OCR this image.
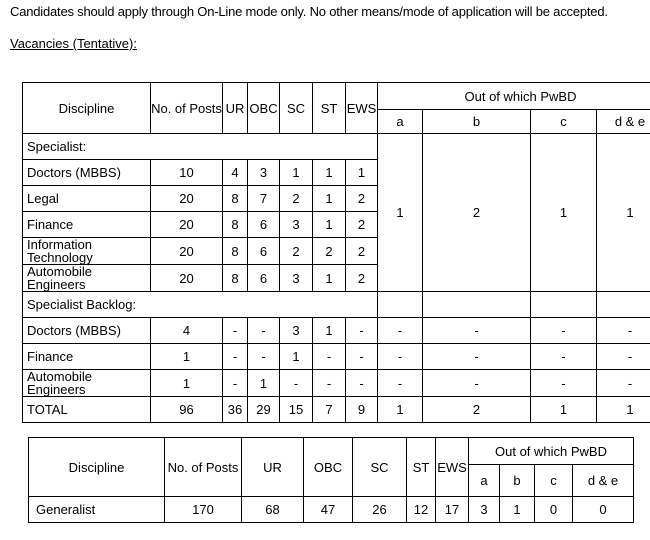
Candidates should apply through On-Line mode only. No other means/mode of application will be accepted.
Vacancies (Tentative):
Discipline	No. of Posts	UR	OBC	SC	ST	EWS	Out of which PwBD			
							a	b	c	d & e
Specialist:							1	2	1	1
Doctors (MBBS)	10	4	3	1	1	1				
Legal	20	8	7	2	1	2				
Finance	20	8	6	3	1	2				
Information Technology	20	8	6	2	2	2				
Automobile Engineers	20	8	6	3	1	2				
Specialist Backlog:										
Doctors (MBBS)	4	-	-	3	1	-	-	-	-	-
Finance	1	-	-	1	-	-	-	-	-	-
Automobile Engineers	1	-	1	-	-	-	-	-	-	-
TOTAL	96	36	29	15	7	9	1	2	1	1
Discipline	No. of Posts	UR	OBC	SC	ST	EWS	Out of which PwBD			
							a	b	c	d & e
Generalist	170	68	47	26	12	17	3	1	0	0
